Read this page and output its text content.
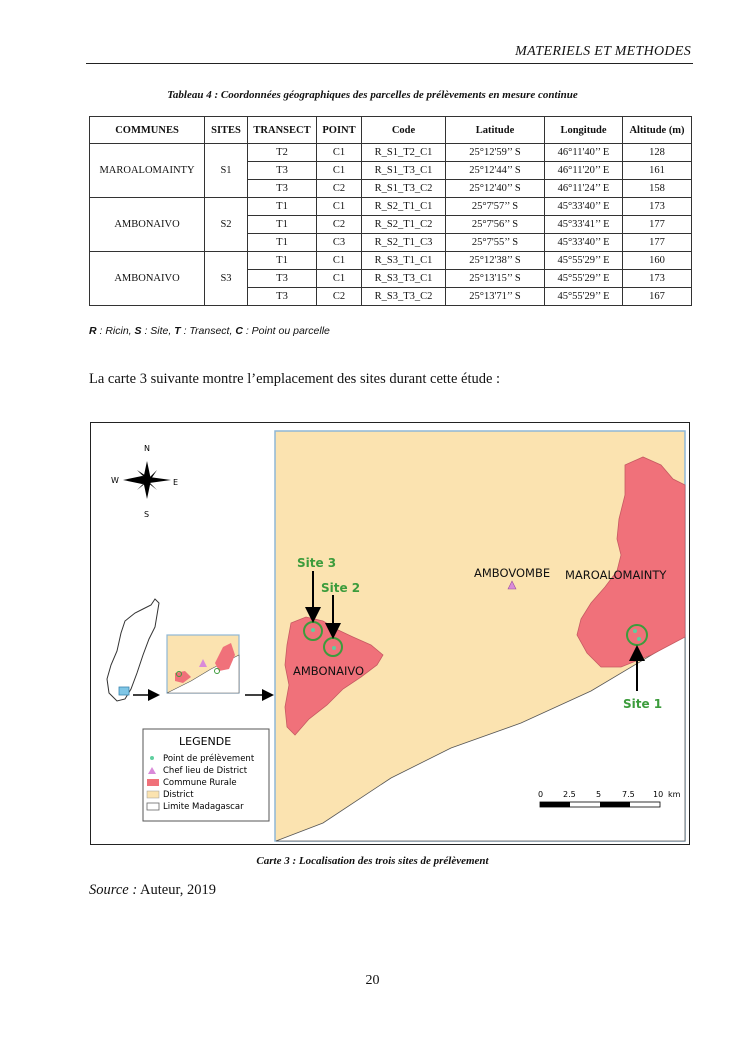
MATERIELS ET METHODES
Tableau 4 : Coordonnées géographiques des parcelles de prélèvements en mesure continue
COMMUNES	SITES	TRANSECT	POINT	Code	Latitude	Longitude	Altitude (m)
MAROALOMAINTY	S1	T2	C1	R_S1_T2_C1	25°12'59’’ S	46°11'40’’ E	128
		T3	C1	R_S1_T3_C1	25°12'44’’ S	46°11'20’’ E	161
		T3	C2	R_S1_T3_C2	25°12'40’’ S	46°11'24’’ E	158
AMBONAIVO	S2	T1	C1	R_S2_T1_C1	25°7'57’’ S	45°33'40’’ E	173
		T1	C2	R_S2_T1_C2	25°7'56’’ S	45°33'41’’ E	177
		T1	C3	R_S2_T1_C3	25°7'55’’ S	45°33'40’’ E	177
AMBONAIVO	S3	T1	C1	R_S3_T1_C1	25°12'38’’ S	45°55'29’’ E	160
		T3	C1	R_S3_T3_C1	25°13'15’’ S	45°55'29’’ E	173
		T3	C2	R_S3_T3_C2	25°13'71’’ S	45°55'29’’ E	167
R : Ricin, S : Site, T : Transect, C : Point ou parcelle
La carte 3 suivante montre l’emplacement des sites durant cette étude :
Site 3
Site 2
Site 1
AMBONAIVO
AMBOVOMBE MAROALOMAINTY
N
S
W	E
LEGENDE
Point de prélèvement
Chef lieu de District
Commune Rurale
District
Limite Madagascar
0 2.5	5	7.5 10 km
Carte 3 : Localisation des trois sites de prélèvement
Source : Auteur, 2019
20
